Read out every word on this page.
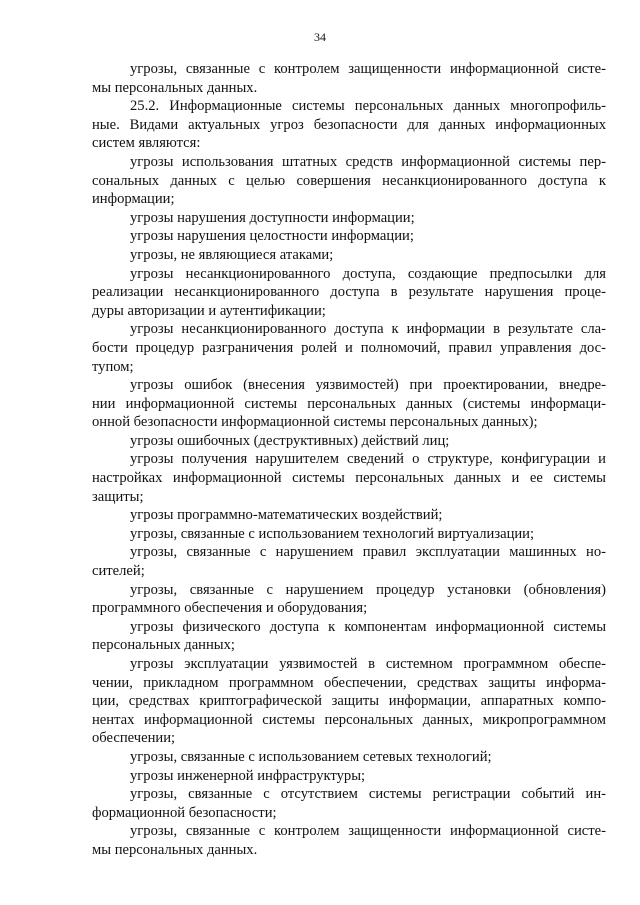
34
угрозы, связанные с контролем защищенности информационной систе-
мы персональных данных.
25.2. Информационные системы персональных данных многопрофиль-
ные. Видами актуальных угроз безопасности для данных информационных
систем являются:
угрозы использования штатных средств информационной системы пер-
сональных данных с целью совершения несанкционированного доступа к
информации;
угрозы нарушения доступности информации;
угрозы нарушения целостности информации;
угрозы, не являющиеся атаками;
угрозы несанкционированного доступа, создающие предпосылки для
реализации несанкционированного доступа в результате нарушения проце-
дуры авторизации и аутентификации;
угрозы несанкционированного доступа к информации в результате сла-
бости процедур разграничения ролей и полномочий, правил управления дос-
тупом;
угрозы ошибок (внесения уязвимостей) при проектировании, внедре-
нии информационной системы персональных данных (системы информаци-
онной безопасности информационной системы персональных данных);
угрозы ошибочных (деструктивных) действий лиц;
угрозы получения нарушителем сведений о структуре, конфигурации и
настройках информационной системы персональных данных и ее системы
защиты;
угрозы программно-математических воздействий;
угрозы, связанные с использованием технологий виртуализации;
угрозы, связанные с нарушением правил эксплуатации машинных но-
сителей;
угрозы, связанные с нарушением процедур установки (обновления)
программного обеспечения и оборудования;
угрозы физического доступа к компонентам информационной системы
персональных данных;
угрозы эксплуатации уязвимостей в системном программном обеспе-
чении, прикладном программном обеспечении, средствах защиты информа-
ции, средствах криптографической защиты информации, аппаратных компо-
нентах информационной системы персональных данных, микропрограммном
обеспечении;
угрозы, связанные с использованием сетевых технологий;
угрозы инженерной инфраструктуры;
угрозы, связанные с отсутствием системы регистрации событий ин-
формационной безопасности;
угрозы, связанные с контролем защищенности информационной систе-
мы персональных данных.
